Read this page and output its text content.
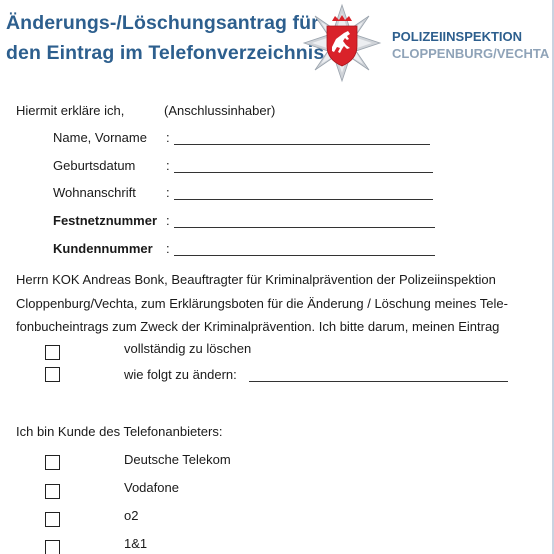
Änderungs-/Löschungsantrag für
den Eintrag im Telefonverzeichnis
POLIZEIINSPEKTION
CLOPPENBURG/VECHTA
Hiermit erkläre ich,	(Anschlussinhaber)
Name, Vorname :
Geburtsdatum :
Wohnanschrift :
Festnetznummer :
Kundennummer :
Herrn KOK Andreas Bonk, Beauftragter für Kriminalprävention der Polizeiinspektion
Cloppenburg/Vechta, zum Erklärungsboten für die Änderung / Löschung meines Tele-
fonbucheintrags zum Zweck der Kriminalprävention. Ich bitte darum, meinen Eintrag
vollständig zu löschen
wie folgt zu ändern:
Ich bin Kunde des Telefonanbieters:
Deutsche Telekom
Vodafone
o2
1&1
